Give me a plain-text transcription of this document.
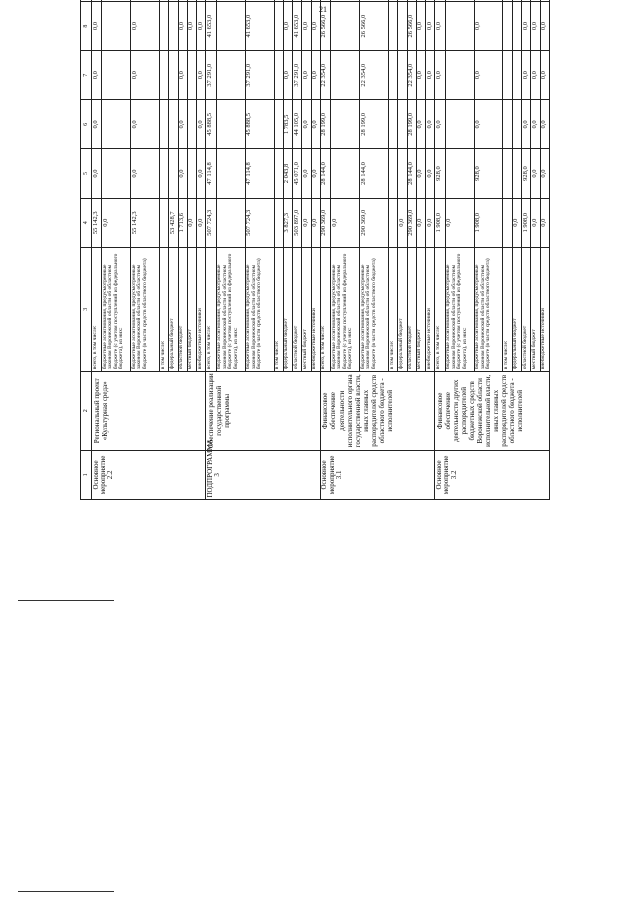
21
1	2	3	4	5	6	7	8							
Основное мероприятие 2.2	Региональный проект «Культурная среда»	всего, в том числе:	55 142,3	0,0	0,0	0,0	0,0							
		бюджетные ассигнования, предусмотренные законом Воронежской области об областном бюджете (с учетом поступлений из федерального бюджета), из них:	0,0											
		бюджетные ассигнования, предусмотренные законом Воронежской области об областном бюджете (в части средств областного бюджета)	55 142,3	0,0	0,0	0,0	0,0							
		в том числе:												
		федеральный бюджет	53 428,7											
		областной бюджет	1 713,6	0,0	0,0	0,0	0,0							
		местный бюджет	0,0				0,0							
		внебюджетные источники	0,0	0,0	0,0	0,0	0,0							
ПОДПРОГРАММА 3	Обеспечение реализации государственной программы	всего, в том числе:	507 724,3	47 114,8	45 888,5	37 291,0	41 653,0							
		бюджетные ассигнования, предусмотренные законом Воронежской области об областном бюджете (с учетом поступлений из федерального бюджета), из них:												
		бюджетные ассигнования, предусмотренные законом Воронежской области об областном бюджете (в части средств областного бюджета)	507 724,3	47 114,8	45 888,5	37 291,0	41 653,0							
		в том числе:												
		федеральный бюджет	3 827,3	2 043,8	1 783,5	0,0	0,0							
		областной бюджет	503 897,0	45 071,0	44 105,0	37 291,0	41 653,0							
		местный бюджет	0,0	0,0	0,0	0,0	0,0							
		внебюджетные источники	0,0	0,0	0,0	0,0	0,0							
Основное мероприятие 3.1	Финансовое обеспечение деятельности исполнительного органа государственной власти, иных главных распорядителей средств областного бюджета - исполнителей	всего, в том числе:	290 369,0	28 144,0	28 199,0	22 354,0	26 566,0							
		бюджетные ассигнования, предусмотренные законом Воронежской области об областном бюджете (с учетом поступлений из федерального бюджета), из них:	0,0											
		бюджетные ассигнования, предусмотренные законом Воронежской области об областном бюджете (в части средств областного бюджета)	290 369,0	28 144,0	28 199,0	22 354,0	26 566,0							
		в том числе:												
		федеральный бюджет	0,0											
		областной бюджет	290 369,0	28 144,0	28 199,0	22 354,0	26 566,0							
		местный бюджет	0,0	0,0	0,0	0,0	0,0							
		внебюджетные источники	0,0	0,0	0,0	0,0	0,0							
Основное мероприятие 3.2	Финансовое обеспечение деятельности других распорядителей бюджетных средств Воронежской области исполнительной власти, иных главных распорядителей средств областного бюджета - исполнителей	всего, в том числе:	1 908,0	928,0	0,0	0,0	0,0							
		бюджетные ассигнования, предусмотренные законом Воронежской области об областном бюджете (с учетом поступлений из федерального бюджета), из них:	0,0											
		бюджетные ассигнования, предусмотренные законом Воронежской области об областном бюджете (в части средств областного бюджета)	1 908,0	928,0	0,0	0,0	0,0							
		в том числе:												
		федеральный бюджет	0,0											
		областной бюджет	1 908,0	928,0	0,0	0,0	0,0							
		местный бюджет	0,0	0,0	0,0	0,0	0,0							
		внебюджетные источники	0,0	0,0	0,0	0,0	0,0							
